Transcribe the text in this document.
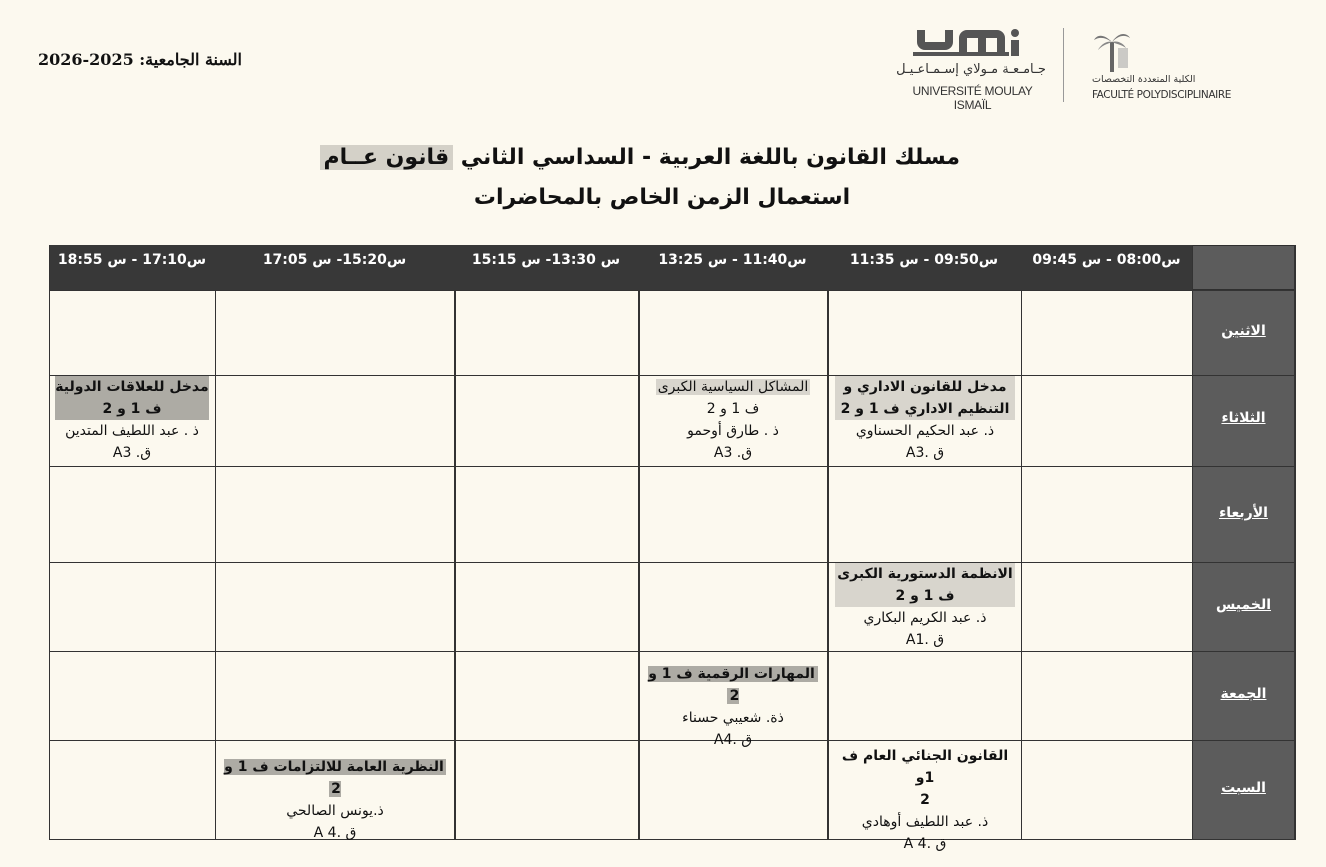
السنة الجامعية: 2025-2026
جـامـعـة مـولاي إسـمـاعـيـل
UNIVERSITÉ MOULAY ISMAÏL
الكلية المتعددة التخصصات
FACULTÉ POLYDISCIPLINAIRE
مسلك القانون باللغة العربية - السداسي الثاني قانون عــام
استعمال الزمن الخاص بالمحاضرات
س08:00 - س 09:45
س09:50 - س 11:35
س11:40 - س 13:25
س 13:30- س 15:15
س15:20- س 17:05
س17:10 - س 18:55
الاثنين
الثلاثاء
الأربعاء
الخميس
الجمعة
السبت
مدخل للقانون الاداري و التنظيم الاداري ف 1 و 2
ذ. عبد الحكيم الحسناوي
ق .A3
المشاكل السياسية الكبرى
ف 1 و 2
ذ . طارق أوحمو
ق. A3
مدخل للعلاقات الدولية
ف 1 و 2
ذ . عبد اللطيف المتدين
ق. A3
الانظمة الدستورية الكبرى
ف 1 و 2
ذ. عبد الكريم البكاري
ق .A1
المهارات الرقمية ف 1 و 2
ذة. شعيبي حسناء
ق .A4
القانون الجنائي العام ف 1و
2
ذ. عبد اللطيف أوهادي
ق .4 A
النظرية العامة للالتزامات ف 1 و 2
ذ.يونس الصالحي
ق .4 A
